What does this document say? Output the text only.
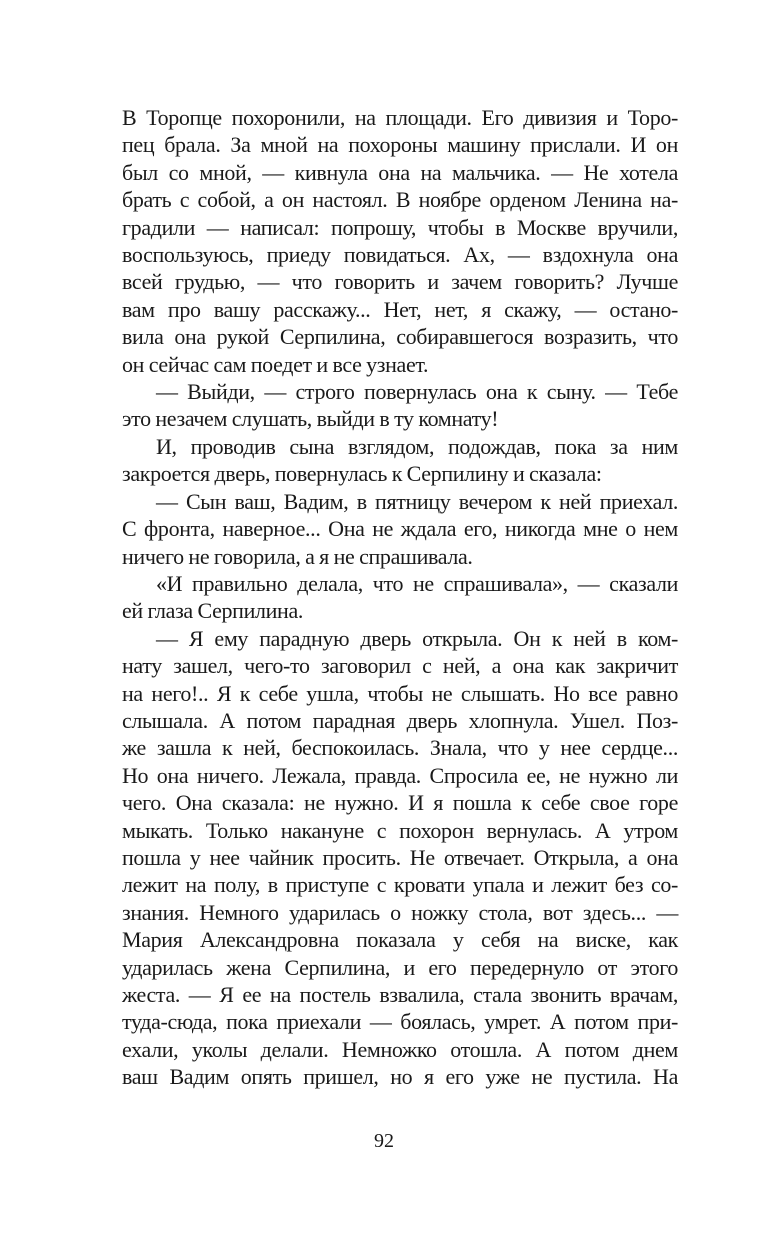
В Торопце похоронили, на площади. Его дивизия и Торо-
пец брала. За мной на похороны машину прислали. И он
был со мной, — кивнула она на мальчика. — Не хотела
брать с собой, а он настоял. В ноябре орденом Ленина на-
градили — написал: попрошу, чтобы в Москве вручили,
воспользуюсь, приеду повидаться. Ах, — вздохнула она
всей грудью, — что говорить и зачем говорить? Лучше
вам про вашу расскажу... Нет, нет, я скажу, — остано-
вила она рукой Серпилина, собиравшегося возразить, что
он сейчас сам поедет и все узнает.

— Выйди, — строго повернулась она к сыну. — Тебе
это незачем слушать, выйди в ту комнату!

И, проводив сына взглядом, подождав, пока за ним
закроется дверь, повернулась к Серпилину и сказала:

— Сын ваш, Вадим, в пятницу вечером к ней приехал.
С фронта, наверное... Она не ждала его, никогда мне о нем
ничего не говорила, а я не спрашивала.

«И правильно делала, что не спрашивала», — сказали
ей глаза Серпилина.

— Я ему парадную дверь открыла. Он к ней в ком-
нату зашел, чего-то заговорил с ней, а она как закричит
на него!.. Я к себе ушла, чтобы не слышать. Но все равно
слышала. А потом парадная дверь хлопнула. Ушел. Поз-
же зашла к ней, беспокоилась. Знала, что у нее сердце...
Но она ничего. Лежала, правда. Спросила ее, не нужно ли
чего. Она сказала: не нужно. И я пошла к себе свое горе
мыкать. Только накануне с похорон вернулась. А утром
пошла у нее чайник просить. Не отвечает. Открыла, а она
лежит на полу, в приступе с кровати упала и лежит без со-
знания. Немного ударилась о ножку стола, вот здесь... —
Мария Александровна показала у себя на виске, как
ударилась жена Серпилина, и его передернуло от этого
жеста. — Я ее на постель взвалила, стала звонить врачам,
туда-сюда, пока приехали — боялась, умрет. А потом при-
ехали, уколы делали. Немножко отошла. А потом днем
ваш Вадим опять пришел, но я его уже не пустила. На

92
